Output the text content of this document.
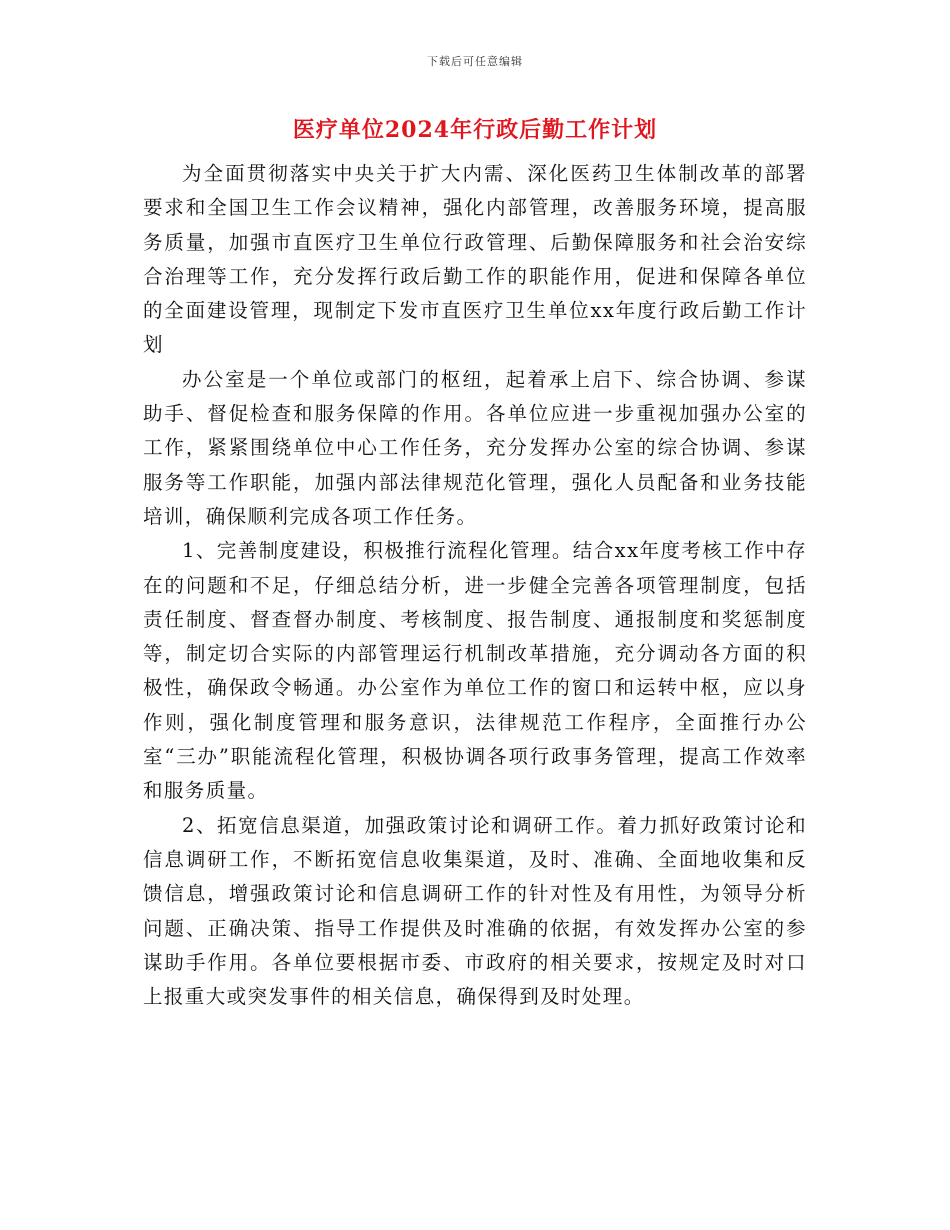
下载后可任意编辑
医疗单位2024年行政后勤工作计划

为全面贯彻落实中央关于扩大内需、深化医药卫生体制改革的部署要求和全国卫生工作会议精神，强化内部管理，改善服务环境，提高服务质量，加强市直医疗卫生单位行政管理、后勤保障服务和社会治安综合治理等工作，充分发挥行政后勤工作的职能作用，促进和保障各单位的全面建设管理，现制定下发市直医疗卫生单位xx年度行政后勤工作计划

办公室是一个单位或部门的枢纽，起着承上启下、综合协调、参谋助手、督促检查和服务保障的作用。各单位应进一步重视加强办公室的工作，紧紧围绕单位中心工作任务，充分发挥办公室的综合协调、参谋服务等工作职能，加强内部法律规范化管理，强化人员配备和业务技能培训，确保顺利完成各项工作任务。

1、完善制度建设，积极推行流程化管理。结合xx年度考核工作中存在的问题和不足，仔细总结分析，进一步健全完善各项管理制度，包括责任制度、督查督办制度、考核制度、报告制度、通报制度和奖惩制度等，制定切合实际的内部管理运行机制改革措施，充分调动各方面的积极性，确保政令畅通。办公室作为单位工作的窗口和运转中枢，应以身作则，强化制度管理和服务意识，法律规范工作程序，全面推行办公室“三办”职能流程化管理，积极协调各项行政事务管理，提高工作效率和服务质量。

2、拓宽信息渠道，加强政策讨论和调研工作。着力抓好政策讨论和信息调研工作，不断拓宽信息收集渠道，及时、准确、全面地收集和反馈信息，增强政策讨论和信息调研工作的针对性及有用性，为领导分析问题、正确决策、指导工作提供及时准确的依据，有效发挥办公室的参谋助手作用。各单位要根据市委、市政府的相关要求，按规定及时对口上报重大或突发事件的相关信息，确保得到及时处理。
